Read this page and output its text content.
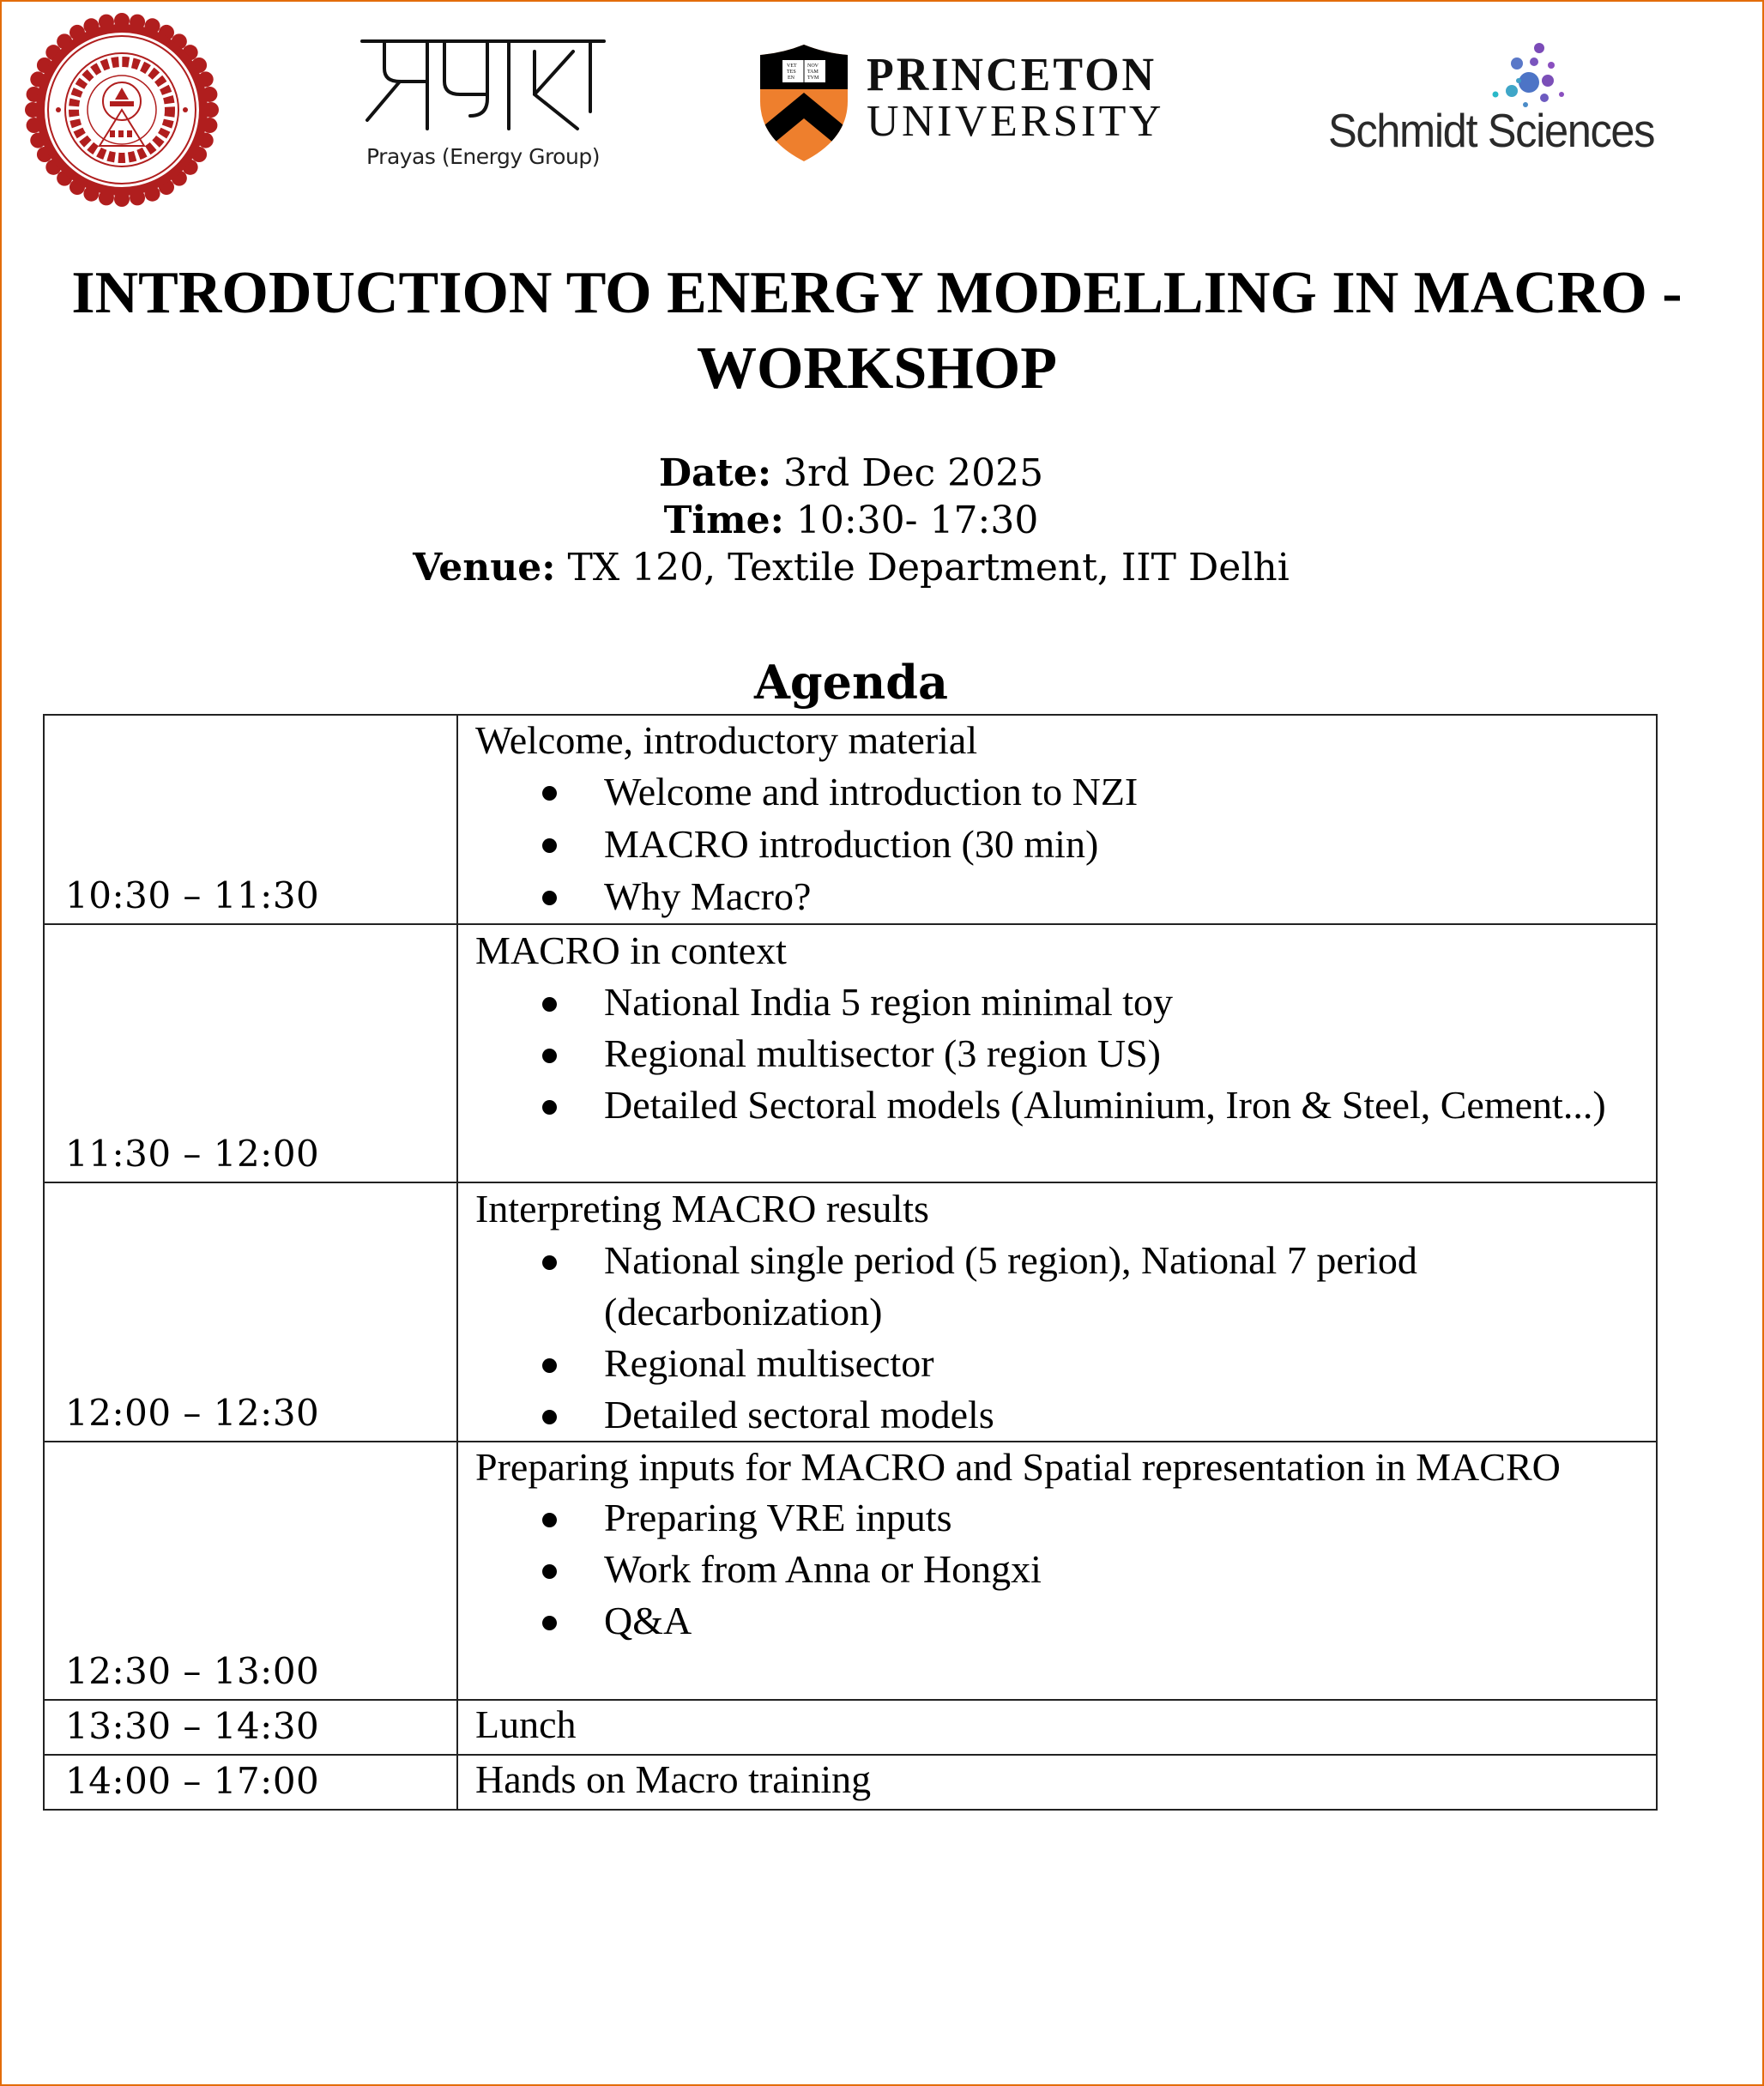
Prayas (Energy Group)
VET
TES
EN
NOV
TAM
TVM PRINCETON
UNIVERSITY	Schmidt Sciences
INTRODUCTION TO ENERGY MODELLING IN MACRO -
WORKSHOP
Date: 3rd Dec 2025
Time: 10:30- 17:30
Venue: TX 120, Textile Department, IIT Delhi
Agenda
10:30 – 11:30	
Welcome, introductory material
Welcome and introduction to NZI
MACRO introduction (30 min)
Why Macro?

11:30 – 12:00	
MACRO in context
National India 5 region minimal toy
Regional multisector (3 region US)
Detailed Sectoral models (Aluminium, Iron & Steel, Cement...)

12:00 – 12:30	
Interpreting MACRO results
National single period (5 region), National 7 period (decarbonization)
Regional multisector
Detailed sectoral models

12:30 – 13:00	
Preparing inputs for MACRO and Spatial representation in MACRO
Preparing VRE inputs
Work from Anna or Hongxi
Q&A

13:30 – 14:30	Lunch

14:00 – 17:00	Hands on Macro training
